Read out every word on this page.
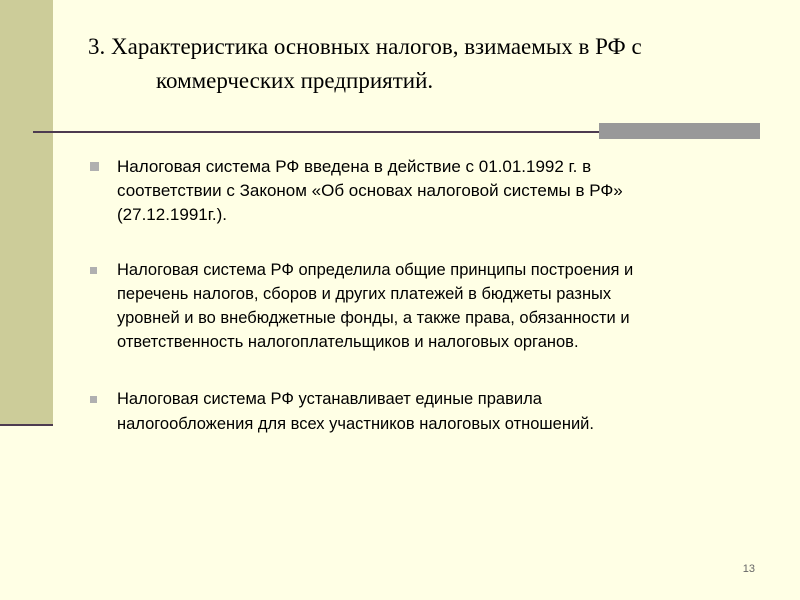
3. Характеристика основных налогов, взимаемых в РФ с
коммерческих предприятий.
Налоговая система РФ введена в действие с 01.01.1992 г. в
соответствии с Законом «Об основах налоговой системы в РФ»
(27.12.1991г.).
Налоговая система РФ определила общие принципы построения и
перечень налогов, сборов и других платежей в бюджеты разных
уровней и во внебюджетные фонды, а также права, обязанности и
ответственность налогоплательщиков и налоговых органов.
Налоговая система РФ устанавливает единые правила
налогообложения для всех участников налоговых отношений.
13
